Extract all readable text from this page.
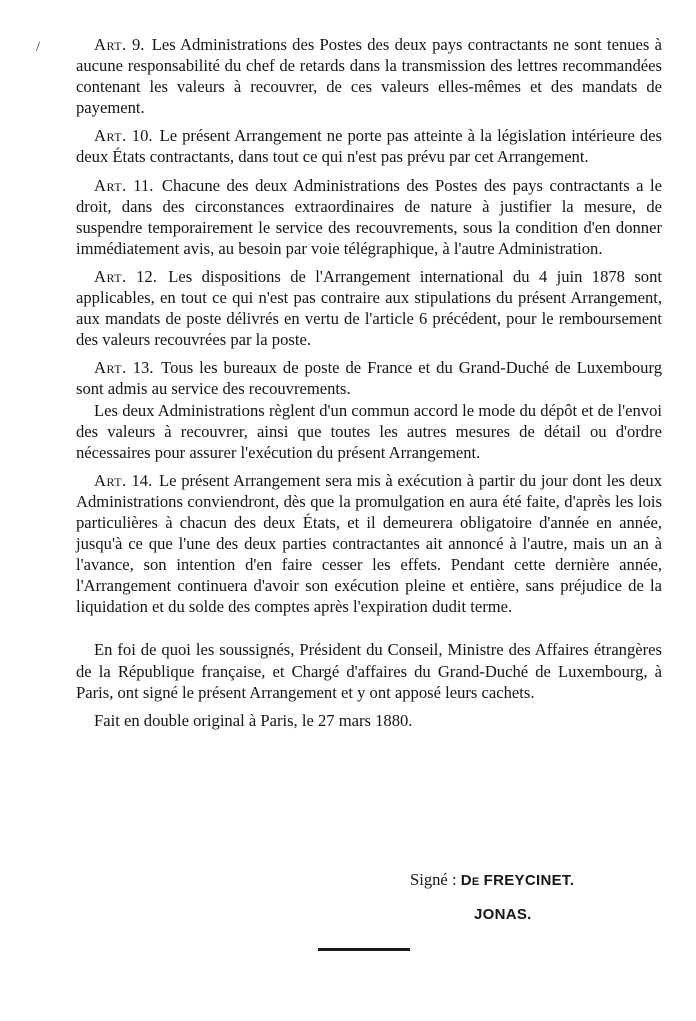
/	Art. 9. Les Administrations des Postes des deux pays contractants ne sont tenues à aucune responsabilité du chef de retards dans la transmission des lettres recommandées contenant les valeurs à recouvrer, de ces valeurs elles-mêmes et des mandats de payement.

Art. 10. Le présent Arrangement ne porte pas atteinte à la législation intérieure des deux États contractants, dans tout ce qui n'est pas prévu par cet Arrangement.

Art. 11. Chacune des deux Administrations des Postes des pays contractants a le droit, dans des circonstances extraordinaires de nature à justifier la mesure, de suspendre temporairement le service des recouvrements, sous la condition d'en donner immédiatement avis, au besoin par voie télégraphique, à l'autre Administration.

Art. 12. Les dispositions de l'Arrangement international du 4 juin 1878 sont applicables, en tout ce qui n'est pas contraire aux stipulations du présent Arrangement, aux mandats de poste délivrés en vertu de l'article 6 précédent, pour le remboursement des valeurs recouvrées par la poste.

Art. 13. Tous les bureaux de poste de France et du Grand-Duché de Luxembourg sont admis au service des recouvrements.

Les deux Administrations règlent d'un commun accord le mode du dépôt et de l'envoi des valeurs à recouvrer, ainsi que toutes les autres mesures de détail ou d'ordre nécessaires pour assurer l'exécution du présent Arrangement.

Art. 14. Le présent Arrangement sera mis à exécution à partir du jour dont les deux Administrations conviendront, dès que la promulgation en aura été faite, d'après les lois particulières à chacun des deux États, et il demeurera obligatoire d'année en année, jusqu'à ce que l'une des deux parties contractantes ait annoncé à l'autre, mais un an à l'avance, son intention d'en faire cesser les effets. Pendant cette dernière année, l'Arrangement continuera d'avoir son exécution pleine et entière, sans préjudice de la liquidation et du solde des comptes après l'expiration dudit terme.

En foi de quoi les soussignés, Président du Conseil, Ministre des Affaires étrangères de la République française, et Chargé d'affaires du Grand-Duché de Luxembourg, à Paris, ont signé le présent Arrangement et y ont apposé leurs cachets.

Fait en double original à Paris, le 27 mars 1880.

Signé : De FREYCINET.
JONAS.
